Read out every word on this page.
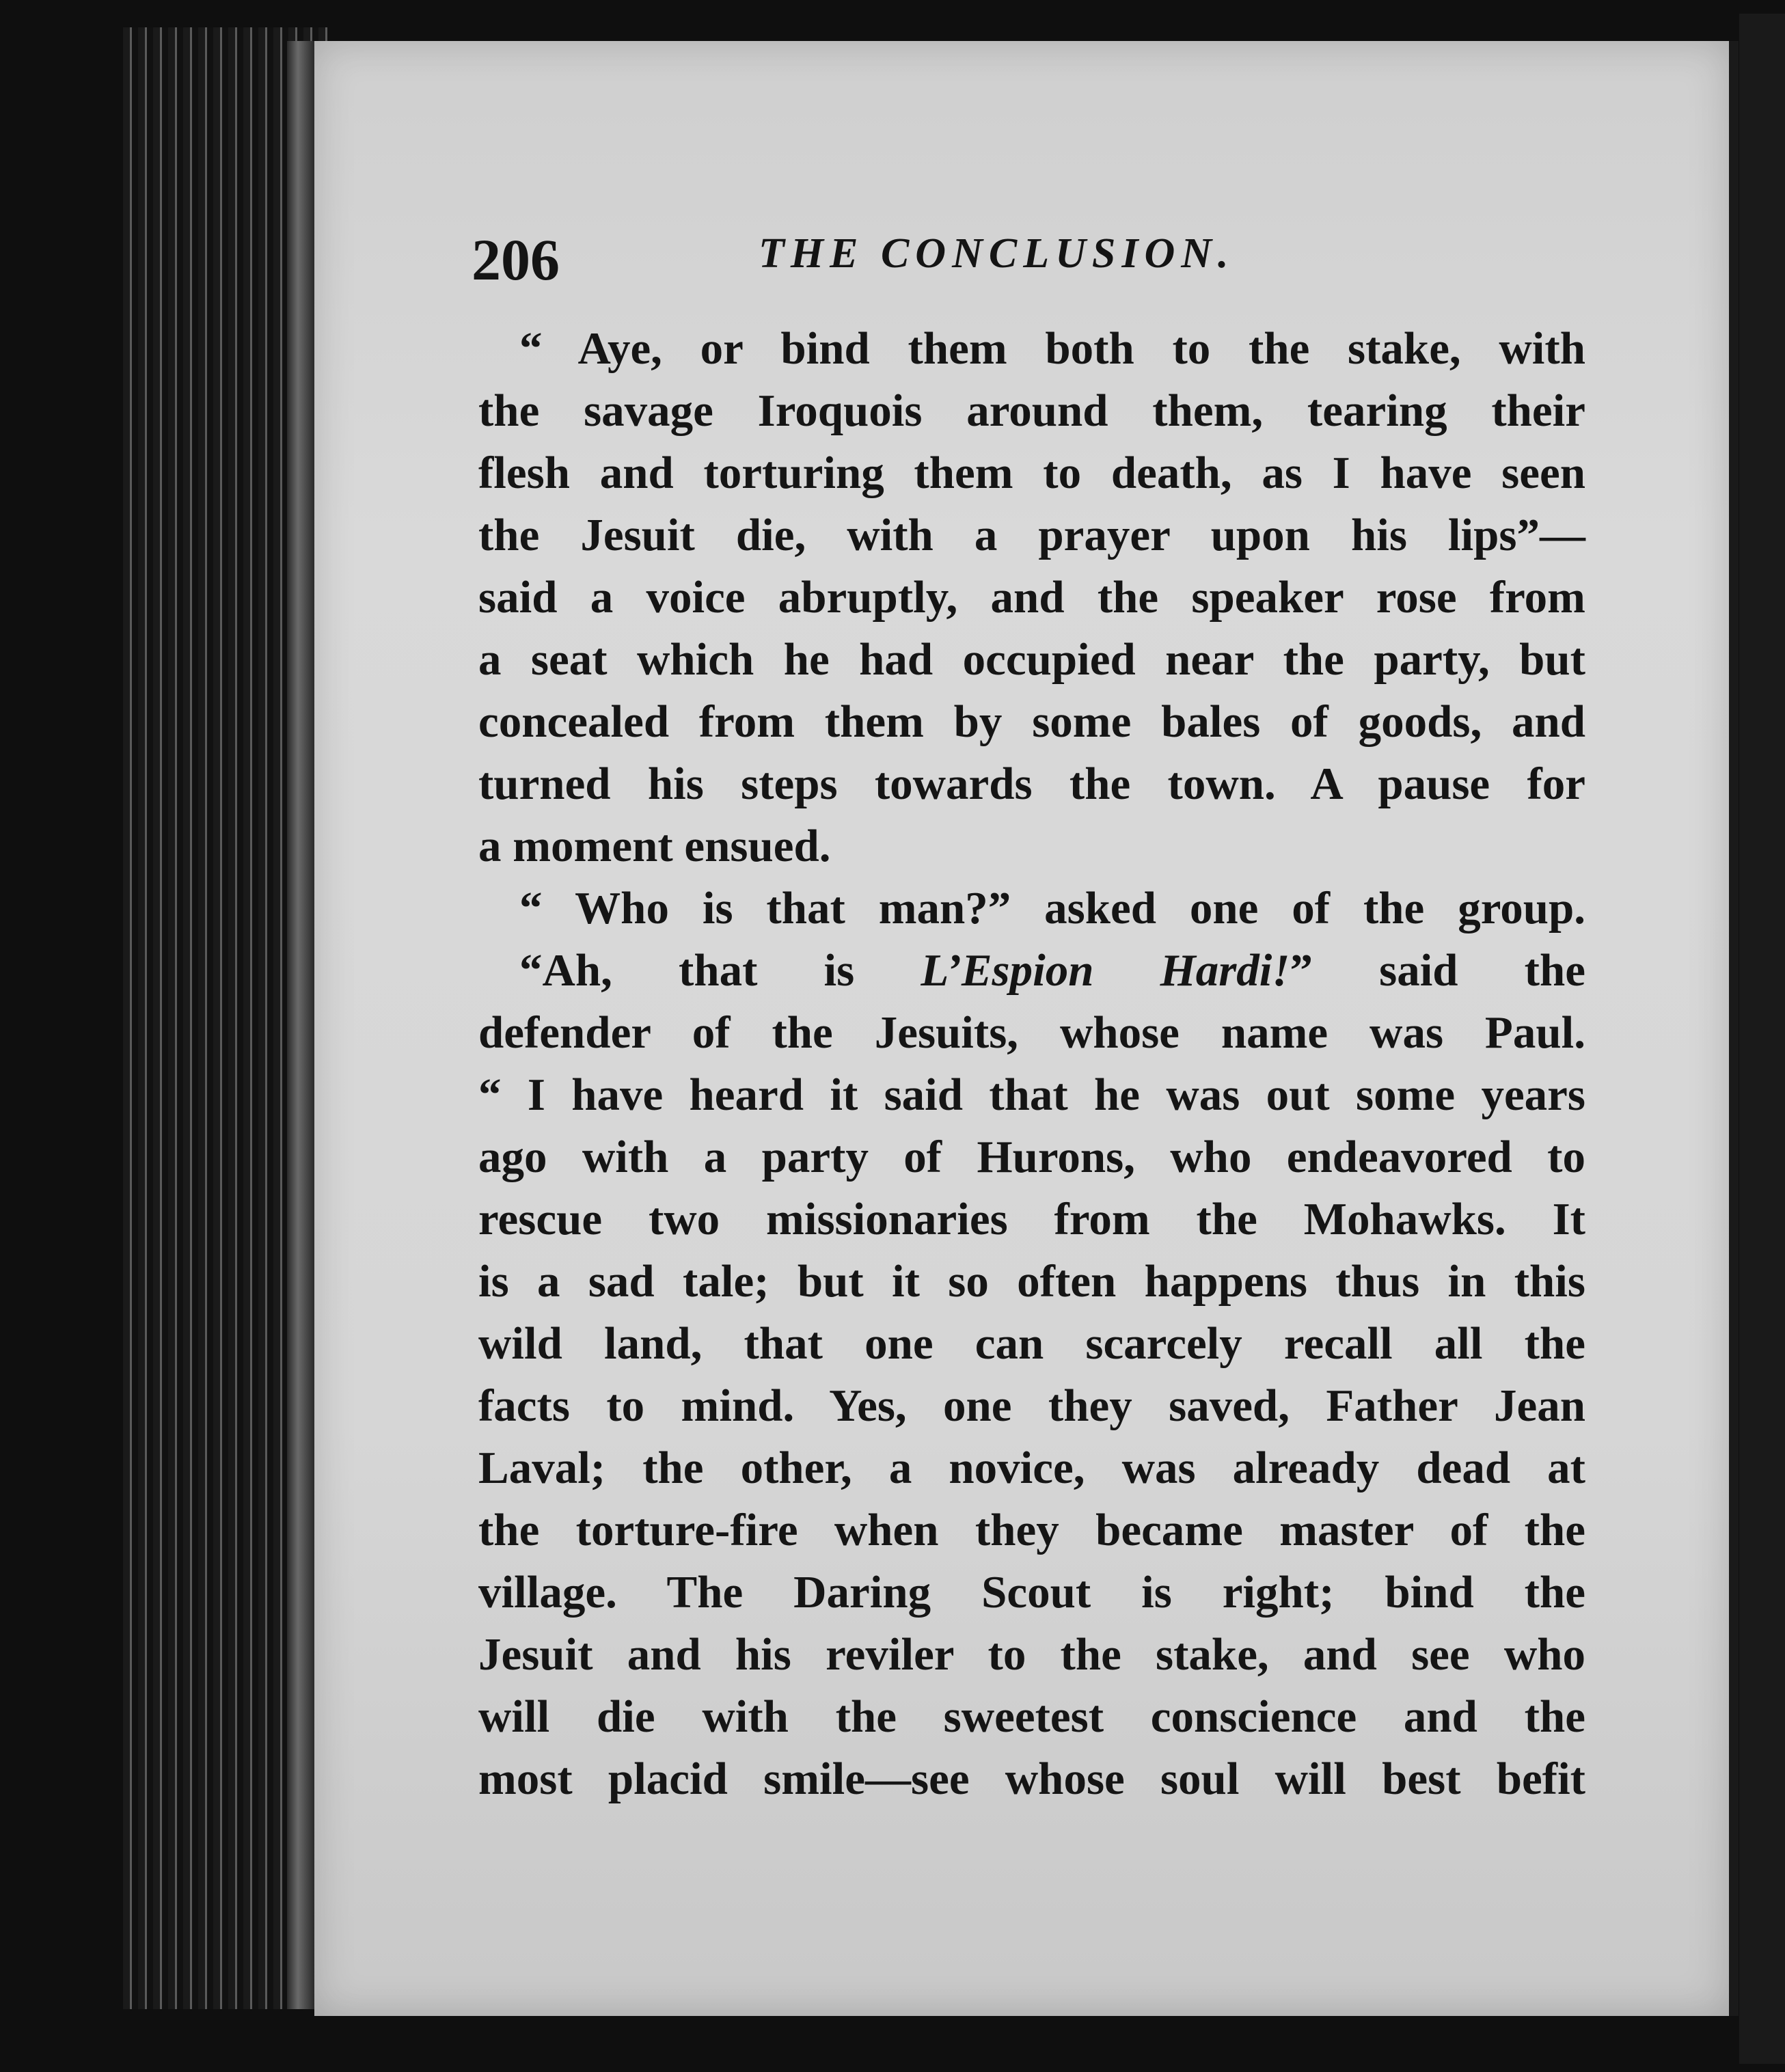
206	THE CONCLUSION.
“ Aye, or bind them both to the stake, with
the savage Iroquois around them, tearing their
flesh and torturing them to death, as I have seen
the Jesuit die, with a prayer upon his lips”—
said a voice abruptly, and the speaker rose from
a seat which he had occupied near the party, but
concealed from them by some bales of goods, and
turned his steps towards the town. A pause for
a moment ensued.
“ Who is that man?” asked one of the group.
“Ah, that is L’Espion Hardi!” said the
defender of the Jesuits, whose name was Paul.
“ I have heard it said that he was out some years
ago with a party of Hurons, who endeavored to
rescue two missionaries from the Mohawks. It
is a sad tale; but it so often happens thus in this
wild land, that one can scarcely recall all the
facts to mind. Yes, one they saved, Father Jean
Laval; the other, a novice, was already dead at
the torture-fire when they became master of the
village. The Daring Scout is right; bind the
Jesuit and his reviler to the stake, and see who
will die with the sweetest conscience and the
most placid smile—see whose soul will best befit
